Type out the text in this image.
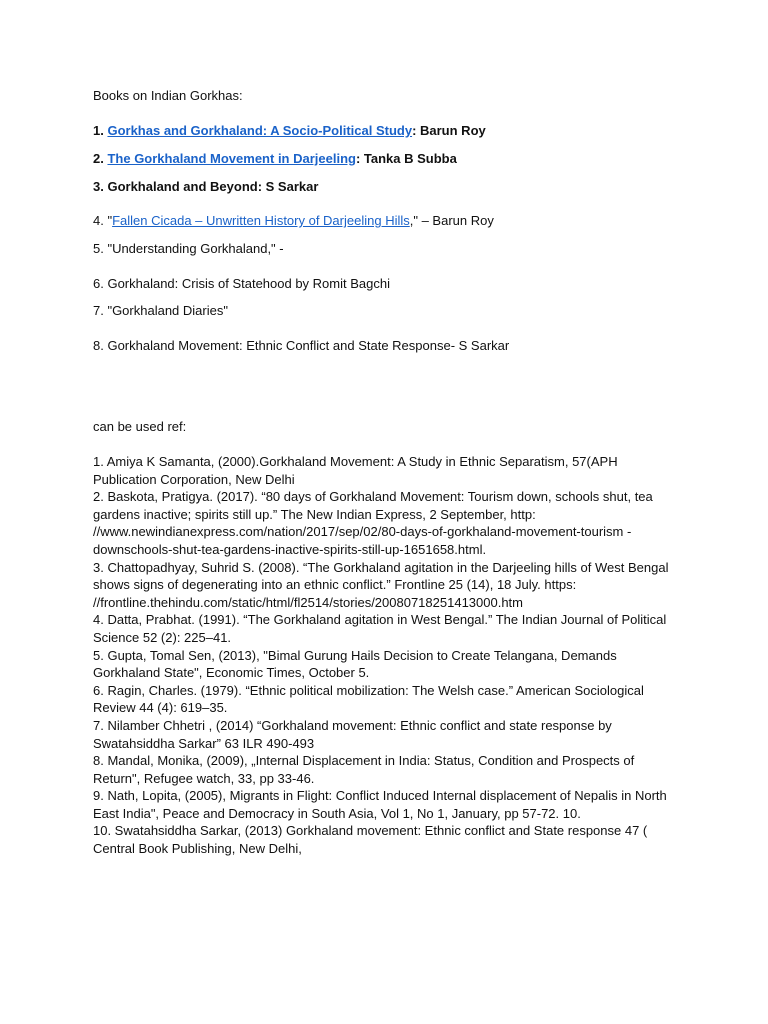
Books on Indian Gorkhas:
1. Gorkhas and Gorkhaland: A Socio-Political Study: Barun Roy
2. The Gorkhaland Movement in Darjeeling: Tanka B Subba
3. Gorkhaland and Beyond: S Sarkar
4. "Fallen Cicada – Unwritten History of Darjeeling Hills," – Barun Roy
5. "Understanding Gorkhaland," -
6. Gorkhaland: Crisis of Statehood by Romit Bagchi
7. "Gorkhaland Diaries"
8. Gorkhaland Movement: Ethnic Conflict and State Response- S Sarkar
can be used ref:
1. Amiya K Samanta, (2000).Gorkhaland Movement: A Study in Ethnic Separatism, 57(APH Publication Corporation, New Delhi
2. Baskota, Pratigya. (2017). “80 days of Gorkhaland Movement: Tourism down, schools shut, tea gardens inactive; spirits still up.” The New Indian Express, 2 September, http: //www.newindianexpress.com/nation/2017/sep/02/80-days-of-gorkhaland-movement-tourism -downschools-shut-tea-gardens-inactive-spirits-still-up-1651658.html.
3. Chattopadhyay, Suhrid S. (2008). “The Gorkhaland agitation in the Darjeeling hills of West Bengal shows signs of degenerating into an ethnic conflict.” Frontline 25 (14), 18 July. https: //frontline.thehindu.com/static/html/fl2514/stories/20080718251413000.htm
4. Datta, Prabhat. (1991). “The Gorkhaland agitation in West Bengal.” The Indian Journal of Political Science 52 (2): 225–41.
5. Gupta, Tomal Sen, (2013), "Bimal Gurung Hails Decision to Create Telangana, Demands Gorkhaland State", Economic Times, October 5.
6. Ragin, Charles. (1979). “Ethnic political mobilization: The Welsh case.” American Sociological Review 44 (4): 619–35.
7. Nilamber Chhetri , (2014) “Gorkhaland movement: Ethnic conflict and state response by Swatahsiddha Sarkar” 63 ILR 490-493
8. Mandal, Monika, (2009), „Internal Displacement in India: Status, Condition and Prospects of Return", Refugee watch, 33, pp 33-46.
9. Nath, Lopita, (2005), Migrants in Flight: Conflict Induced Internal displacement of Nepalis in North East India", Peace and Democracy in South Asia, Vol 1, No 1, January, pp 57-72. 10.
10. Swatahsiddha Sarkar, (2013) Gorkhaland movement: Ethnic conflict and State response 47 ( Central Book Publishing, New Delhi,
